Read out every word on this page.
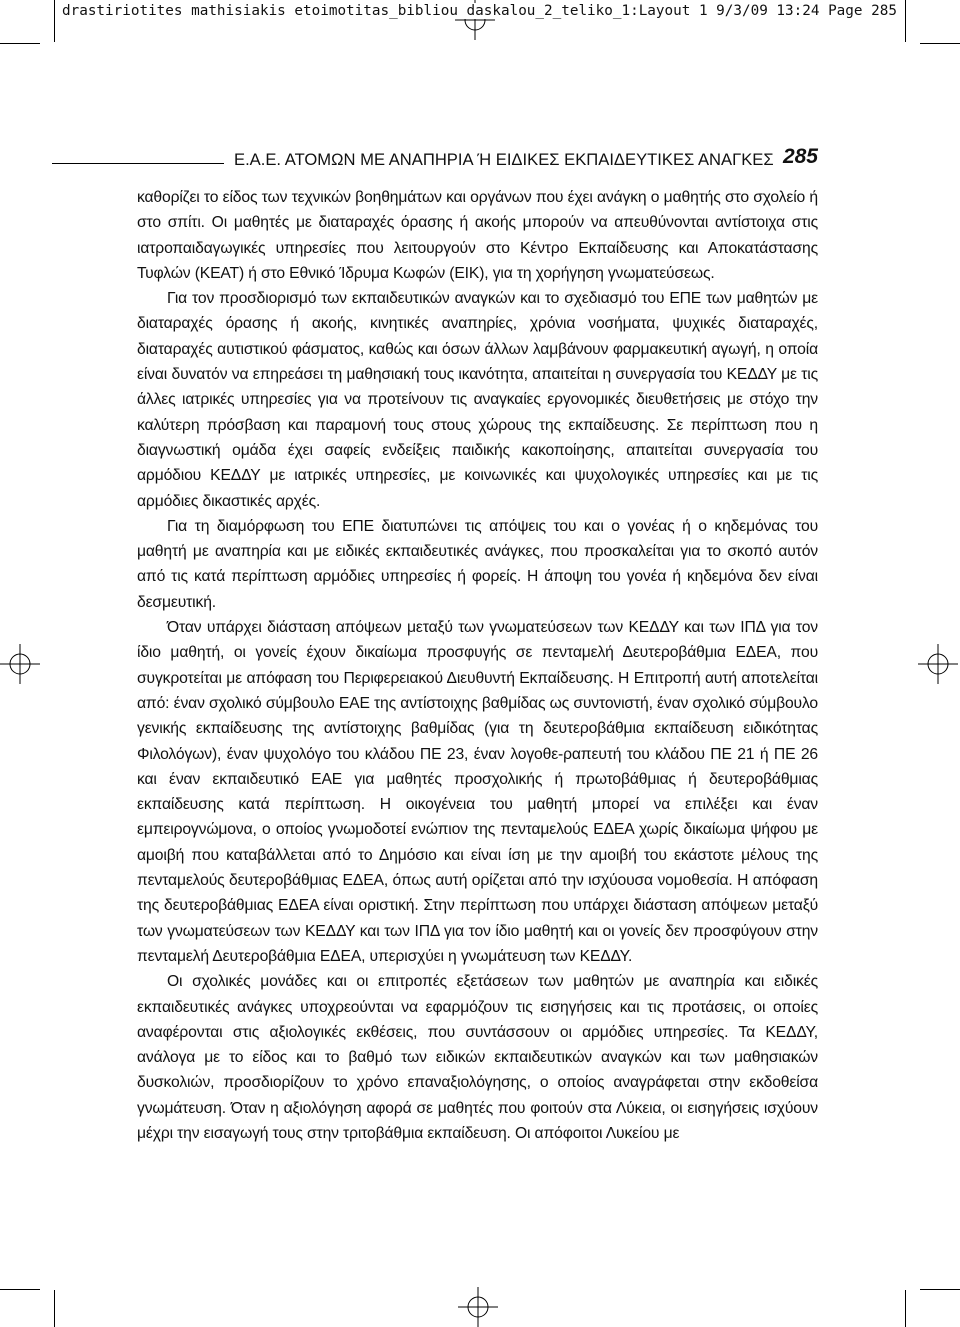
drastiriotites mathisiakis etoimotitas_bibliou daskalou_2_teliko_1:Layout 1 9/3/09 13:24 Page 285
Ε.Α.Ε. ΑΤΟΜΩΝ ΜΕ ΑΝΑΠΗΡΙΑ Ή ΕΙΔΙΚΕΣ ΕΚΠΑΙΔΕΥΤΙΚΕΣ ΑΝΑΓΚΕΣ 285

καθορίζει το είδος των τεχνικών βοηθημάτων και οργάνων που έχει ανάγκη ο μαθητής στο σχολείο ή στο σπίτι. Οι μαθητές με διαταραχές όρασης ή ακοής μπορούν να απευθύνονται αντίστοιχα στις ιατροπαιδαγωγικές υπηρεσίες που λειτουργούν στο Κέντρο Εκπαίδευσης και Αποκατάστασης Τυφλών (ΚΕΑΤ) ή στο Εθνικό Ίδρυμα Κωφών (ΕΙΚ), για τη χορήγηση γνωματεύσεως.

Για τον προσδιορισμό των εκπαιδευτικών αναγκών και το σχεδιασμό του ΕΠΕ των μαθητών με διαταραχές όρασης ή ακοής, κινητικές αναπηρίες, χρόνια νοσήματα, ψυχικές διαταραχές, διαταραχές αυτιστικού φάσματος, καθώς και όσων άλλων λαμβάνουν φαρμακευτική αγωγή, η οποία είναι δυνατόν να επηρεάσει τη μαθησιακή τους ικανότητα, απαιτείται η συνεργασία του ΚΕΔΔΥ με τις άλλες ιατρικές υπηρεσίες για να προτείνουν τις αναγκαίες εργονομικές διευθετήσεις με στόχο την καλύτερη πρόσβαση και παραμονή τους στους χώρους της εκπαίδευσης. Σε περίπτωση που η διαγνωστική ομάδα έχει σαφείς ενδείξεις παιδικής κακοποίησης, απαιτείται συνεργασία του αρμόδιου ΚΕΔΔΥ με ιατρικές υπηρεσίες, με κοινωνικές και ψυχολογικές υπηρεσίες και με τις αρμόδιες δικαστικές αρχές.

Για τη διαμόρφωση του ΕΠΕ διατυπώνει τις απόψεις του και ο γονέας ή ο κηδεμόνας του μαθητή με αναπηρία και με ειδικές εκπαιδευτικές ανάγκες, που προσκαλείται για το σκοπό αυτόν από τις κατά περίπτωση αρμόδιες υπηρεσίες ή φορείς. Η άποψη του γονέα ή κηδεμόνα δεν είναι δεσμευτική.

Όταν υπάρχει διάσταση απόψεων μεταξύ των γνωματεύσεων των ΚΕΔΔΥ και των ΙΠΔ για τον ίδιο μαθητή, οι γονείς έχουν δικαίωμα προσφυγής σε πενταμελή Δευτεροβάθμια ΕΔΕΑ, που συγκροτείται με απόφαση του Περιφερειακού Διευθυντή Εκπαίδευσης. Η Επιτροπή αυτή αποτελείται από: έναν σχολικό σύμβουλο ΕΑΕ της αντίστοιχης βαθμίδας ως συντονιστή, έναν σχολικό σύμβουλο γενικής εκπαίδευσης της αντίστοιχης βαθμίδας (για τη δευτεροβάθμια εκπαίδευση ειδικότητας Φιλολόγων), έναν ψυχολόγο του κλάδου ΠΕ 23, έναν λογοθε-ραπευτή του κλάδου ΠΕ 21 ή ΠΕ 26 και έναν εκπαιδευτικό ΕΑΕ για μαθητές προσχολικής ή πρωτοβάθμιας ή δευτεροβάθμιας εκπαίδευσης κατά περίπτωση. Η οικογένεια του μαθητή μπορεί να επιλέξει και έναν εμπειρογνώμονα, ο οποίος γνωμοδοτεί ενώπιον της πενταμελούς ΕΔΕΑ χωρίς δικαίωμα ψήφου με αμοιβή που καταβάλλεται από το Δημόσιο και είναι ίση με την αμοιβή του εκάστοτε μέλους της πενταμελούς δευτεροβάθμιας ΕΔΕΑ, όπως αυτή ορίζεται από την ισχύουσα νομοθεσία. Η απόφαση της δευτεροβάθμιας ΕΔΕΑ είναι οριστική. Στην περίπτωση που υπάρχει διάσταση απόψεων μεταξύ των γνωματεύσεων των ΚΕΔΔΥ και των ΙΠΔ για τον ίδιο μαθητή και οι γονείς δεν προσφύγουν στην πενταμελή Δευτεροβάθμια ΕΔΕΑ, υπερισχύει η γνωμάτευση των ΚΕΔΔΥ.

Οι σχολικές μονάδες και οι επιτροπές εξετάσεων των μαθητών με αναπηρία και ειδικές εκπαιδευτικές ανάγκες υποχρεούνται να εφαρμόζουν τις εισηγήσεις και τις προτάσεις, οι οποίες αναφέρονται στις αξιολογικές εκθέσεις, που συντάσσουν οι αρμόδιες υπηρεσίες. Τα ΚΕΔΔΥ, ανάλογα με το είδος και το βαθμό των ειδικών εκπαιδευτικών αναγκών και των μαθησιακών δυσκολιών, προσδιορίζουν το χρόνο επαναξιολόγησης, ο οποίος αναγράφεται στην εκδοθείσα γνωμάτευση. Όταν η αξιολόγηση αφορά σε μαθητές που φοιτούν στα Λύκεια, οι εισηγήσεις ισχύουν μέχρι την εισαγωγή τους στην τριτοβάθμια εκπαίδευση. Οι απόφοιτοι Λυκείου με
